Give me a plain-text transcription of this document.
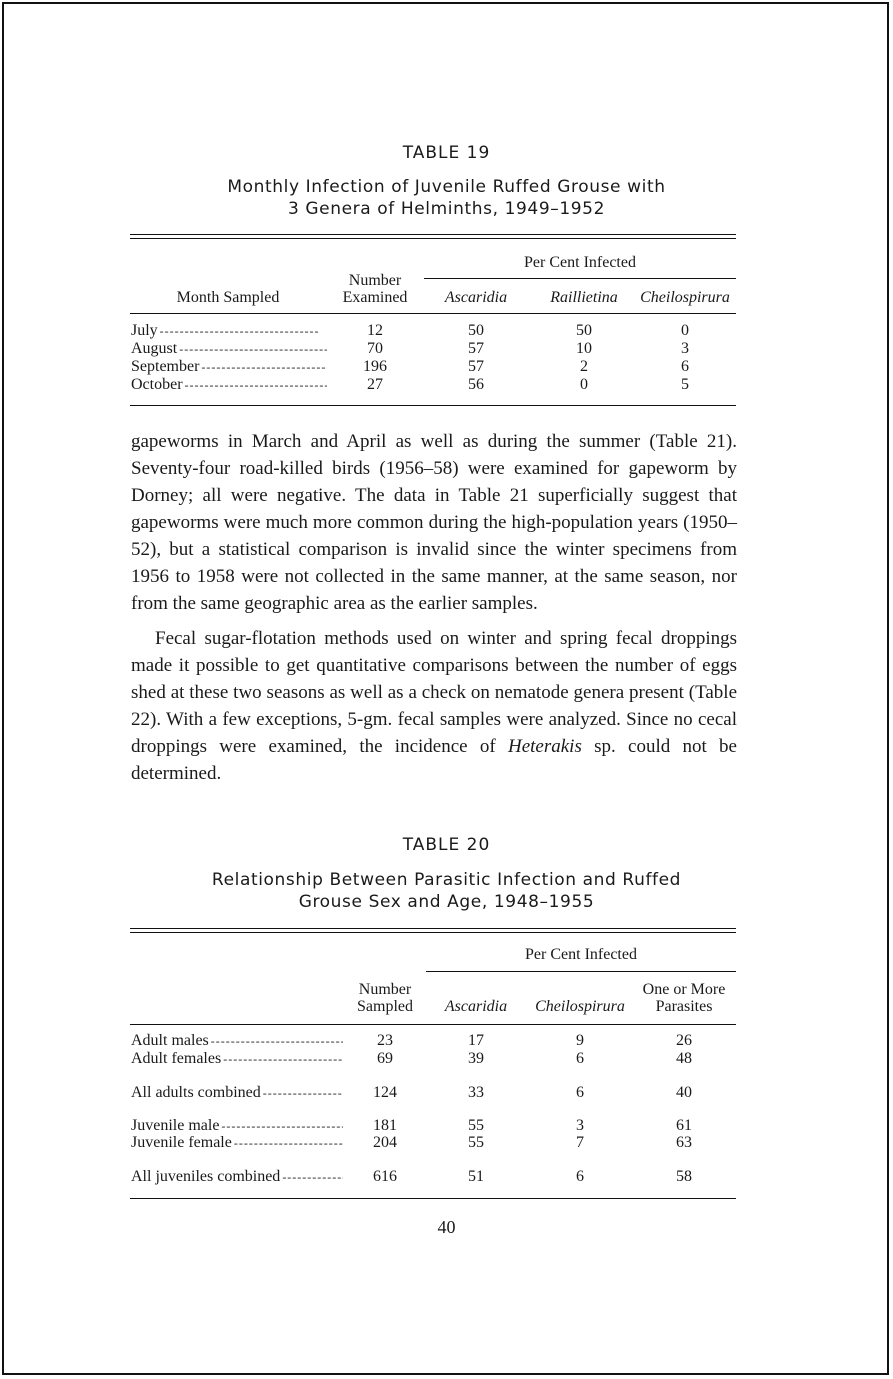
TABLE 19
Monthly Infection of Juvenile Ruffed Grouse with
3 Genera of Helminths, 1949–1952
Per Cent Infected
Month Sampled
Number
Examined	Ascaridia	Raillietina	Cheilospirura
July - - -	12	50	50	0
August - - -	70	57	10	3
September - - -	196	57	2	6
October - - -	27	56	0	5

gapeworms in March and April as well as during the summer (Table 21). Seventy-four road-killed birds (1956–58) were examined for gapeworm by Dorney; all were negative. The data in Table 21 superficially suggest that gapeworms were much more common during the high-population years (1950–52), but a statistical comparison is invalid since the winter specimens from 1956 to 1958 were not collected in the same manner, at the same season, nor from the same geographic area as the earlier samples.

Fecal sugar-flotation methods used on winter and spring fecal droppings made it possible to get quantitative comparisons between the number of eggs shed at these two seasons as well as a check on nematode genera present (Table 22). With a few exceptions, 5-gm. fecal samples were analyzed. Since no cecal droppings were examined, the incidence of Heterakis sp. could not be determined.

TABLE 20
Relationship Between Parasitic Infection and Ruffed
Grouse Sex and Age, 1948–1955
Per Cent Infected
Number
Sampled	Ascaridia	Cheilospirura
One or More
Parasites
Adult males - - -	23	17	9	26
Adult females - - -	69	39	6	48
All adults combined - - -	124	33	6	40
Juvenile male - - -	181	55	3	61
Juvenile female - - -	204	55	7	63
All juveniles combined - - -	616	51	6	58
40
